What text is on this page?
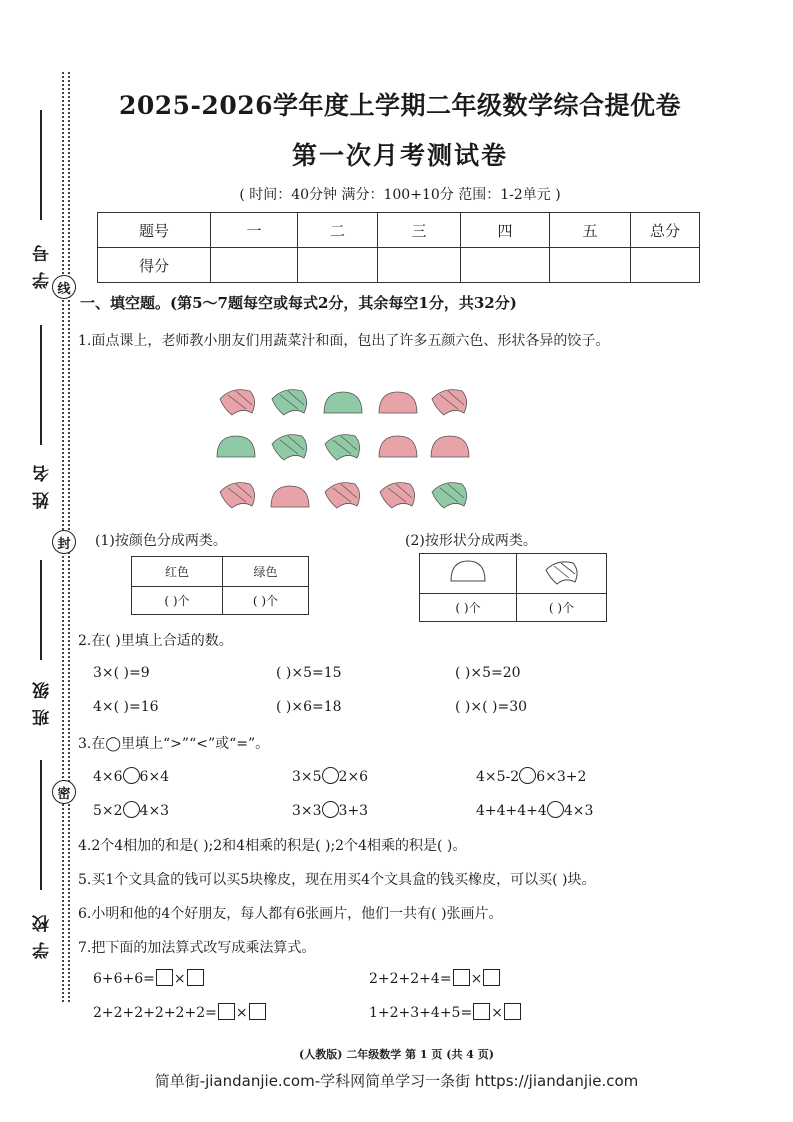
线
封
密
学号
姓名
班级
学校
2025-2026学年度上学期二年级数学综合提优卷
第一次月考测试卷
( 时间：40分钟 满分：100+10分 范围：1-2单元 )
题号	一	二	三	四	五	总分
得分						
一、填空题。(第5～7题每空或每式2分，其余每空1分，共32分)
1.面点课上，老师教小朋友们用蔬菜汁和面，包出了许多五颜六色、形状各异的饺子。
(1)按颜色分成两类。	(2)按形状分成两类。
红色	绿色
( )个	( )个
		( )个	( )个
2.在( )里填上合适的数。
3×( )=9	( )×5=15	( )×5=20
4×( )=16	( )×6=18	( )×( )=30
3.在◯里填上“>”“<”或“=”。
4×6 6×4	3×5 2×6	4×5-2 6×3+2
5×2 4×3	3×3 3+3	4+4+4+4 4×3
4.2个4相加的和是( );2和4相乘的积是( );2个4相乘的积是( )。
5.买1个文具盒的钱可以买5块橡皮，现在用买4个文具盒的钱买橡皮，可以买( )块。
6.小明和他的4个好朋友，每人都有6张画片，他们一共有( )张画片。
7.把下面的加法算式改写成乘法算式。
6+6+6= ×	2+2+2+4= ×
2+2+2+2+2+2= ×	1+2+3+4+5= ×
(人教版) 二年级数学 第 1 页 (共 4 页)
简单街-jiandanjie.com-学科网简单学习一条街 https://jiandanjie.com
